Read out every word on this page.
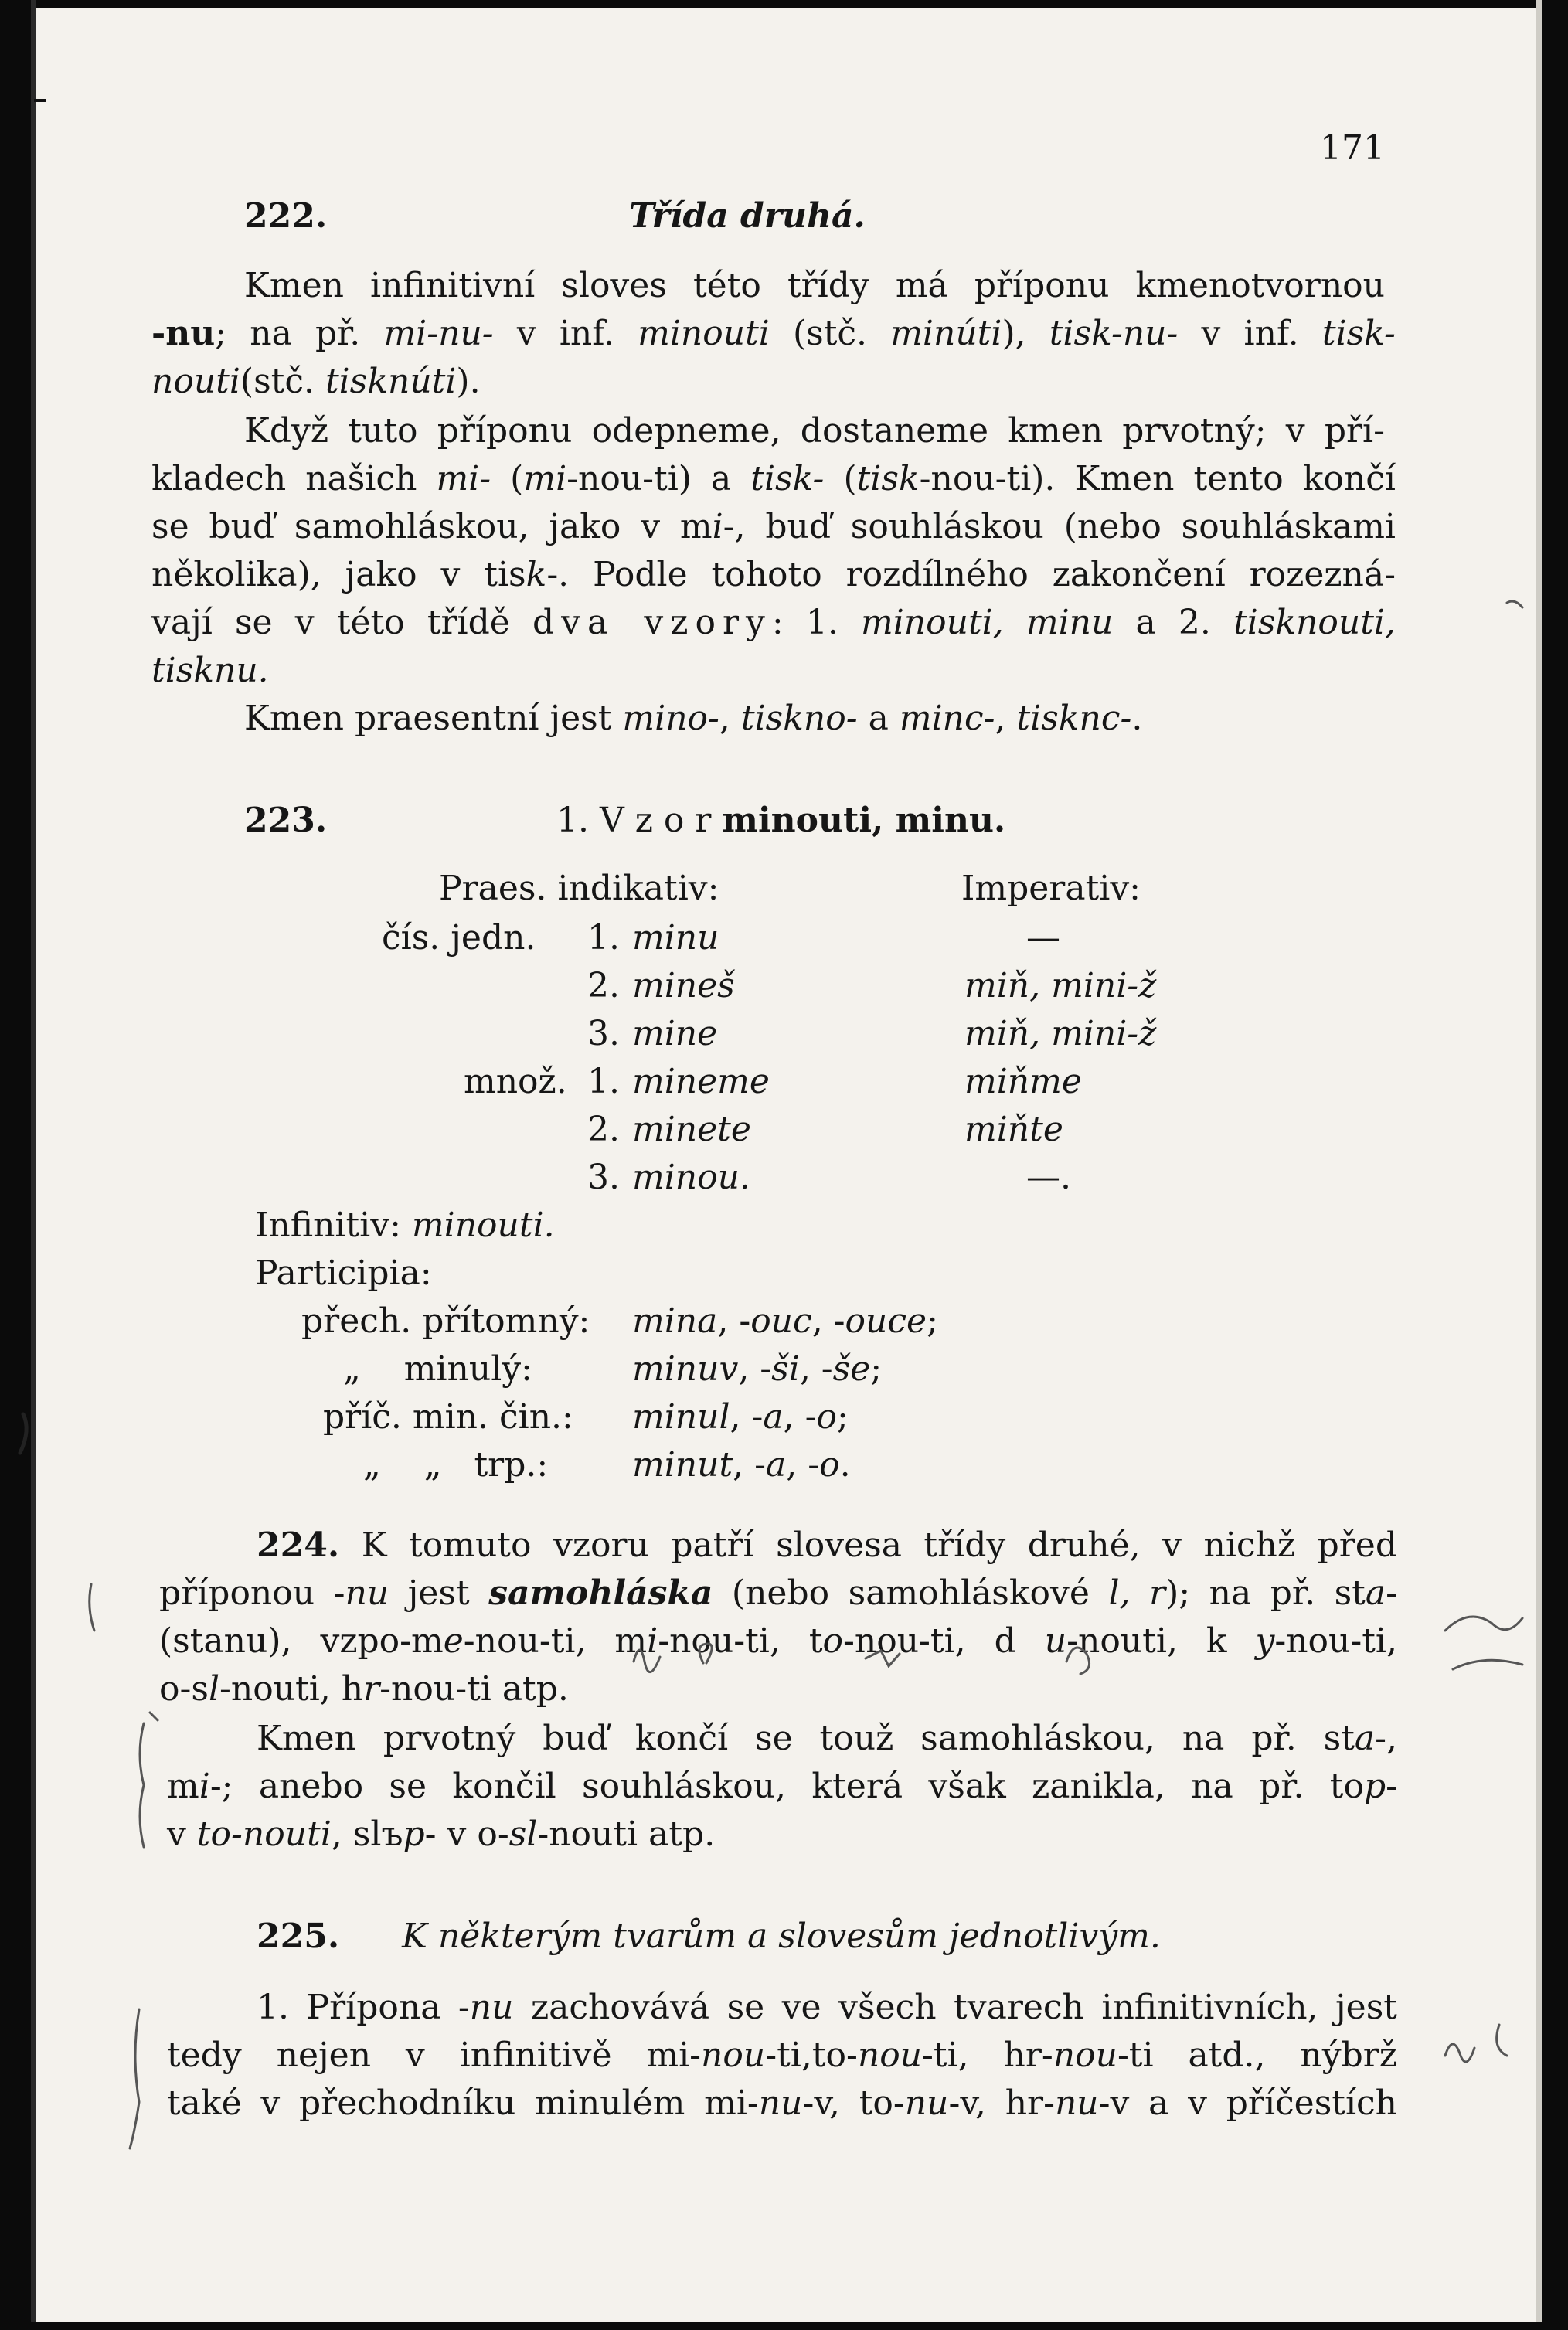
171
222.	Třída druhá.
Kmen infinitivní sloves této třídy má příponu kmenotvornou
-nu; na př. mi-nu- v inf. minouti (stč. minúti), tisk-nu- v inf. tisk-
nouti(stč. tisknúti).
Když tuto příponu odepneme, dostaneme kmen prvotný; v pří-
kladech našich mi- (mi-nou-ti) a tisk- (tisk-nou-ti). Kmen tento končí
se buď samohláskou, jako v mi-, buď souhláskou (nebo souhláskami
několika), jako v tisk-. Podle tohoto rozdílného zakončení rozezná-
vají se v této třídě dva vzory: 1. minouti, minu a 2. tisknouti,
tisknu.
Kmen praesentní jest mino-, tiskno- a minc-, tisknc-.
223.	1. V z o r minouti, minu.
Praes. indikativ:	Imperativ:
čís. jedn. 1. minu	—
2. mineš	miň, mini-ž
3. mine	miň, mini-ž
množ. 1. mineme	miňme
2. minete	miňte
3. minou.	—.
Infinitiv: minouti.
Participia:
přech. přítomný: mina, -ouc, -ouce;
„    minulý:	minuv, -ši, -še;
příč. min. čin.: minul, -a, -o;
„    „   trp.: minut, -a, -o.
224. K tomuto vzoru patří slovesa třídy druhé, v nichž před
příponou -nu jest samohláska (nebo samohláskové l, r); na př. sta-
(stanu), vzpo-me-nou-ti, mi-nou-ti, to-nou-ti, d u-nouti, k y-nou-ti,
o-sl-nouti, hr-nou-ti atp.
Kmen prvotný buď končí se touž samohláskou, na př. sta-,
mi-; anebo se končil souhláskou, která však zanikla, na př. top-
v to-nouti, slъp- v o-sl-nouti atp.
225. K některým tvarům a slovesům jednotlivým.
1. Přípona -nu zachovává se ve všech tvarech infinitivních, jest
tedy nejen v infinitivě mi-nou-ti,to-nou-ti, hr-nou-ti atd., nýbrž
také v přechodníku minulém mi-nu-v, to-nu-v, hr-nu-v a v příčestích
